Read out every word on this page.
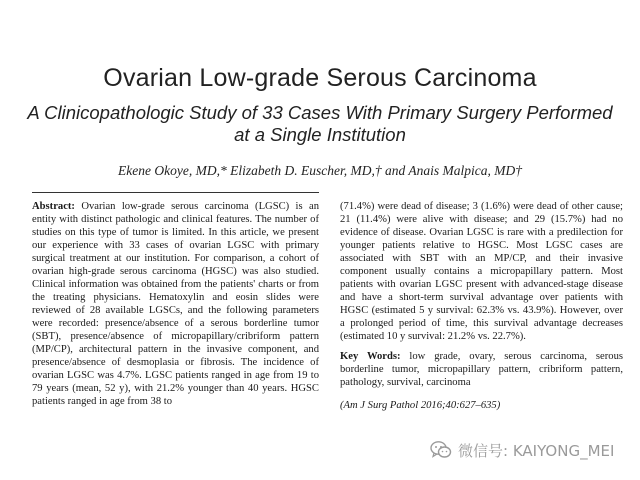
Ovarian Low-grade Serous Carcinoma
A Clinicopathologic Study of 33 Cases With Primary Surgery Performed at a Single Institution
Ekene Okoye, MD,* Elizabeth D. Euscher, MD,† and Anais Malpica, MD†

Abstract: Ovarian low-grade serous carcinoma (LGSC) is an entity with distinct pathologic and clinical features. The number of studies on this type of tumor is limited. In this article, we present our experience with 33 cases of ovarian LGSC with primary surgical treatment at our institution. For comparison, a cohort of ovarian high-grade serous carcinoma (HGSC) was also studied. Clinical information was obtained from the patients' charts or from the treating physicians. Hematoxylin and eosin slides were reviewed of 28 available LGSCs, and the following parameters were recorded: presence/absence of a serous borderline tumor (SBT), presence/absence of micropapillary/cribriform pattern (MP/CP), architectural pattern in the invasive component, and presence/absence of desmoplasia or fibrosis. The incidence of ovarian LGSC was 4.7%. LGSC patients ranged in age from 19 to 79 years (mean, 52 y), with 21.2% younger than 40 years. HGSC patients ranged in age from 38 to

(71.4%) were dead of disease; 3 (1.6%) were dead of other cause; 21 (11.4%) were alive with disease; and 29 (15.7%) had no evidence of disease. Ovarian LGSC is rare with a predilection for younger patients relative to HGSC. Most LGSC cases are associated with SBT with an MP/CP, and their invasive component usually contains a micropapillary pattern. Most patients with ovarian LGSC present with advanced-stage disease and have a short-term survival advantage over patients with HGSC (estimated 5 y survival: 62.3% vs. 43.9%). However, over a prolonged period of time, this survival advantage decreases (estimated 10 y survival: 21.2% vs. 22.7%).

Key Words: low grade, ovary, serous carcinoma, serous borderline tumor, micropapillary pattern, cribriform pattern, pathology, survival, carcinoma

(Am J Surg Pathol 2016;40:627–635)

微信号: KAIYONG_MEI
